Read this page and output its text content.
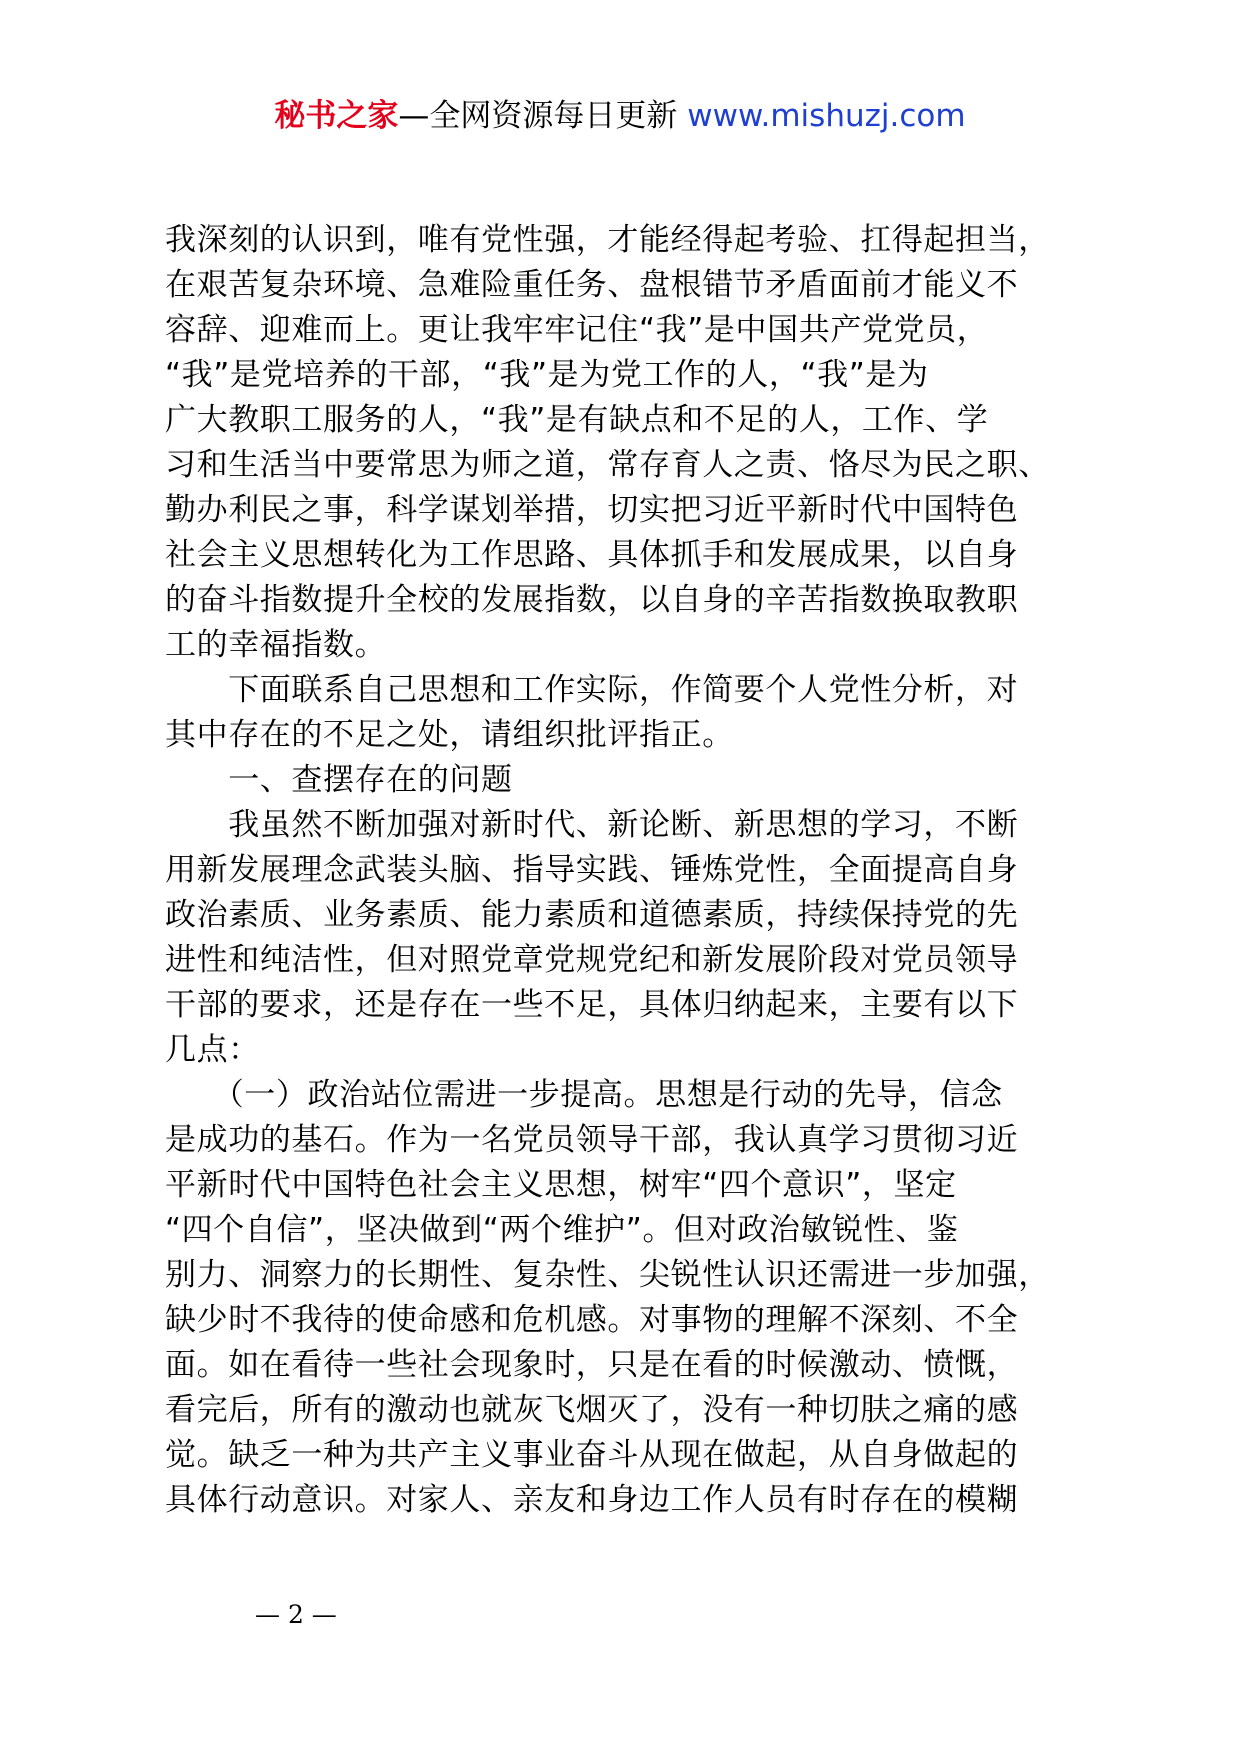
秘书之家—全网资源每日更新 www.mishuzj.com
我深刻的认识到，唯有党性强，才能经得起考验、扛得起担当，
在艰苦复杂环境、急难险重任务、盘根错节矛盾面前才能义不
容辞、迎难而上。更让我牢牢记住“我”是中国共产党党员，
“我”是党培养的干部，“我”是为党工作的人，“我”是为
广大教职工服务的人，“我”是有缺点和不足的人，工作、学
习和生活当中要常思为师之道，常存育人之责、恪尽为民之职、
勤办利民之事，科学谋划举措，切实把习近平新时代中国特色
社会主义思想转化为工作思路、具体抓手和发展成果，以自身
的奋斗指数提升全校的发展指数，以自身的辛苦指数换取教职
工的幸福指数。
　　下面联系自己思想和工作实际，作简要个人党性分析，对
其中存在的不足之处，请组织批评指正。
　　一、查摆存在的问题
　　我虽然不断加强对新时代、新论断、新思想的学习，不断
用新发展理念武装头脑、指导实践、锤炼党性，全面提高自身
政治素质、业务素质、能力素质和道德素质，持续保持党的先
进性和纯洁性，但对照党章党规党纪和新发展阶段对党员领导
干部的要求，还是存在一些不足，具体归纳起来，主要有以下
几点：
　　（一）政治站位需进一步提高。思想是行动的先导，信念
是成功的基石。作为一名党员领导干部，我认真学习贯彻习近
平新时代中国特色社会主义思想，树牢“四个意识”，坚定
“四个自信”，坚决做到“两个维护”。但对政治敏锐性、鉴
别力、洞察力的长期性、复杂性、尖锐性认识还需进一步加强，
缺少时不我待的使命感和危机感。对事物的理解不深刻、不全
面。如在看待一些社会现象时，只是在看的时候激动、愤慨，
看完后，所有的激动也就灰飞烟灭了，没有一种切肤之痛的感
觉。缺乏一种为共产主义事业奋斗从现在做起，从自身做起的
具体行动意识。对家人、亲友和身边工作人员有时存在的模糊
— 2 —
